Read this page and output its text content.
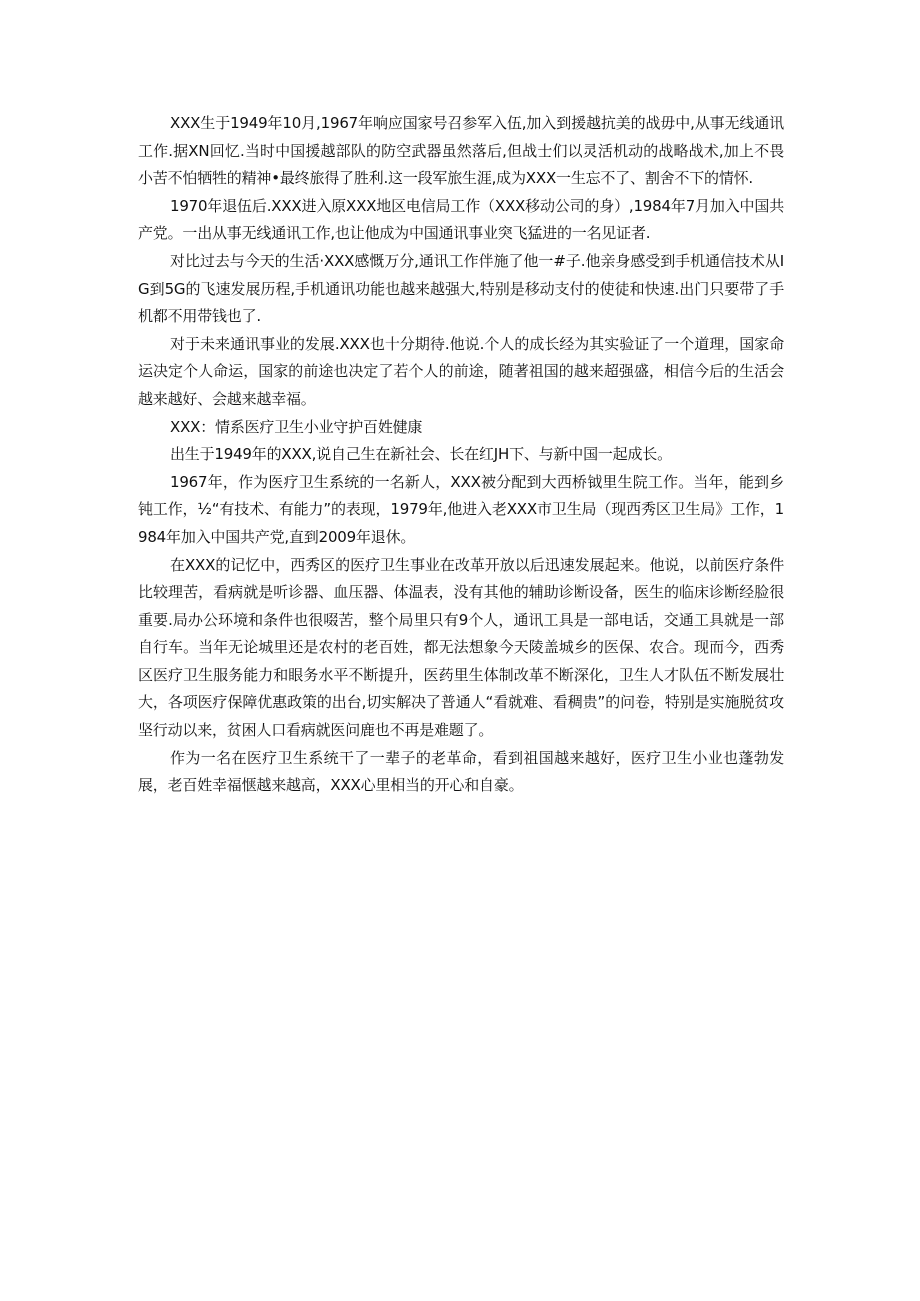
XXX生于1949年10月,1967年响应国家号召参军入伍,加入到援越抗美的战毋中,从事无线通讯工作.据XN回忆.当时中国援越部队的防空武器虽然落后,但战士们以灵活机动的战略战术,加上不畏小苦不怕牺牲的精神•最终旅得了胜利.这一段军旅生涯,成为XXX一生忘不了、割舍不下的情怀.

1970年退伍后.XXX进入原XXX地区电信局工作（XXX移动公司的身）,1984年7月加入中国共产党。一出从事无线通讯工作,也让他成为中国通讯事业突飞猛进的一名见证者.

对比过去与今天的生活·XXX感慨万分,通讯工作伴施了他一#子.他亲身感受到手机通信技术从IG到5G的飞速发展历程,手机通讯功能也越来越强大,特别是移动支付的使徒和快速.出门只要带了手机都不用带钱也了.

对于未来通讯事业的发展.XXX也十分期待.他说.个人的成长经为其实验证了一个道理，国家命运决定个人命运，国家的前途也决定了若个人的前途，随著祖国的越来超强盛，相信今后的生活会越来越好、会越来越幸福。

XXX：情系医疗卫生小业守护百姓健康

出生于1949年的XXX,说自己生在新社会、长在红JH下、与新中国一起成长。

1967年，作为医疗卫生系统的一名新人，XXX被分配到大西桥钺里生院工作。当年，能到乡钝工作，½“有技术、有能力”的表现，1979年,他进入老XXX市卫生局（现西秀区卫生局》工作，1984年加入中国共产党,直到2009年退休。

在XXX的记忆中，西秀区的医疗卫生事业在改革开放以后迅速发展起来。他说，以前医疗条件比较理苦，看病就是听诊器、血压器、体温表，没有其他的辅助诊断设备，医生的临床诊断经脸很重要.局办公环境和条件也很啜苦，整个局里只有9个人，通讯工具是一部电话，交通工具就是一部自行车。当年无论城里还是农村的老百姓，都无法想象今天陵盖城乡的医保、农合。现而今，西秀区医疗卫生服务能力和眼务水平不断提升，医药里生体制改革不断深化，卫生人才队伍不断发展壮大，各项医疗保障优惠政策的出台,切实解决了普通人“看就难、看稠贵”的问卷，特别是实施脱贫攻坚行动以来，贫困人口看病就医问鹿也不再是难题了。

作为一名在医疗卫生系统干了一辈子的老革命，看到祖国越来越好，医疗卫生小业也蓬勃发展，老百姓幸福惬越来越高，XXX心里相当的开心和自豪。
